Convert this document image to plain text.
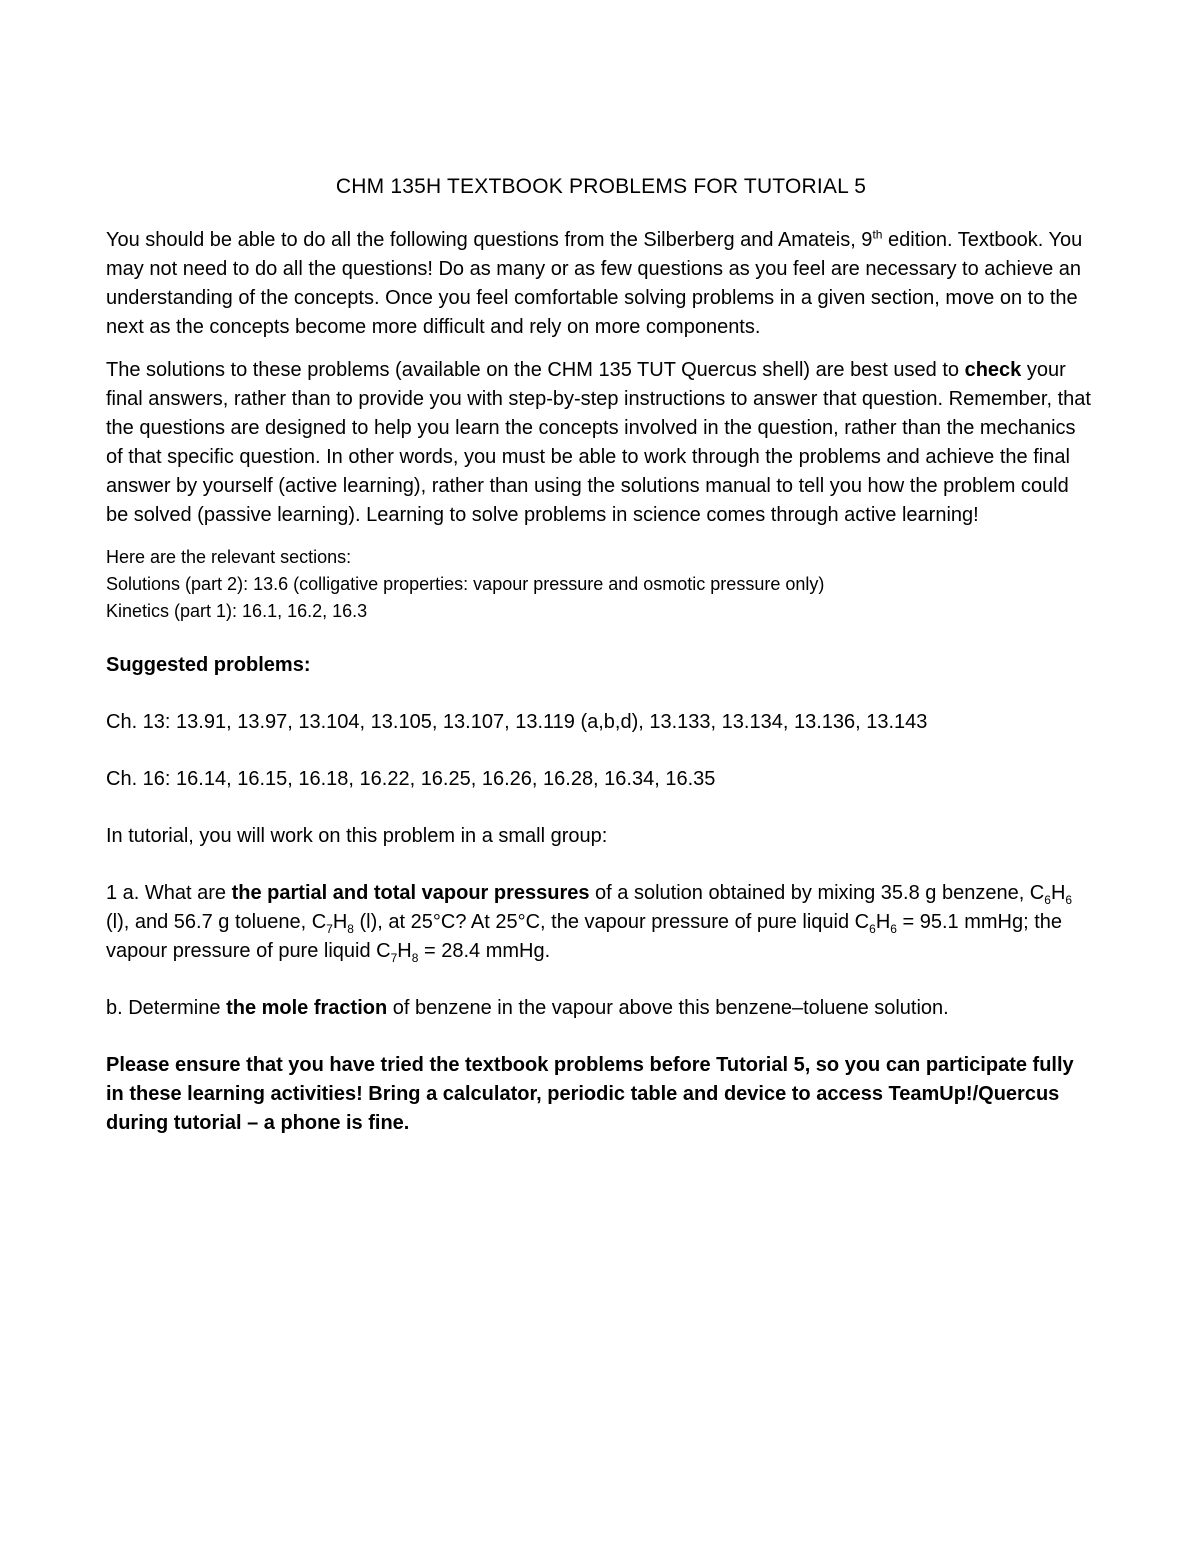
CHM 135H TEXTBOOK PROBLEMS FOR TUTORIAL 5

You should be able to do all the following questions from the Silberberg and Amateis, 9th edition. Textbook. You may not need to do all the questions! Do as many or as few questions as you feel are necessary to achieve an understanding of the concepts. Once you feel comfortable solving problems in a given section, move on to the next as the concepts become more difficult and rely on more components.

The solutions to these problems (available on the CHM 135 TUT Quercus shell) are best used to check your final answers, rather than to provide you with step-by-step instructions to answer that question. Remember, that the questions are designed to help you learn the concepts involved in the question, rather than the mechanics of that specific question. In other words, you must be able to work through the problems and achieve the final answer by yourself (active learning), rather than using the solutions manual to tell you how the problem could be solved (passive learning). Learning to solve problems in science comes through active learning!

Here are the relevant sections:
Solutions (part 2): 13.6 (colligative properties: vapour pressure and osmotic pressure only)
Kinetics (part 1): 16.1, 16.2, 16.3
Suggested problems:
Ch. 13: 13.91, 13.97, 13.104, 13.105, 13.107, 13.119 (a,b,d), 13.133, 13.134, 13.136, 13.143
Ch. 16: 16.14, 16.15, 16.18, 16.22, 16.25, 16.26, 16.28, 16.34, 16.35
In tutorial, you will work on this problem in a small group:

1 a. What are the partial and total vapour pressures of a solution obtained by mixing 35.8 g benzene, $C_6H_6$ (l), and 56.7 g toluene, $C_7H_8$ (l), at 25°C? At 25°C, the vapour pressure of pure liquid $C_6H_6 = 95.1$ mmHg; the vapour pressure of pure liquid $C_7H_8 = 28.4$ mmHg.

b. Determine the mole fraction of benzene in the vapour above this benzene–toluene solution.

Please ensure that you have tried the textbook problems before Tutorial 5, so you can participate fully in these learning activities! Bring a calculator, periodic table and device to access TeamUp!/Quercus during tutorial – a phone is fine.
